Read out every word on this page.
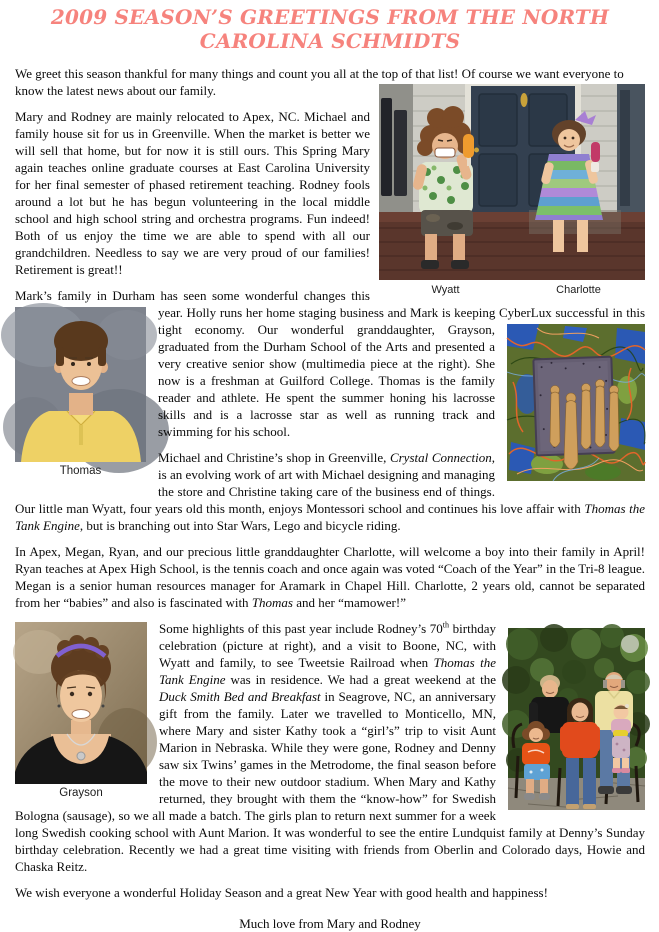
2009 SEASON’S GREETINGS FROM THE NORTH CAROLINA SCHMIDTS

We greet this season thankful for many things and count you all at the top of that list! Of course we want everyone to know the latest news about our family.
Wyatt	Charlotte

Mary and Rodney are mainly relocated to Apex, NC. Michael and family house sit for us in Greenville. When the market is better we will sell that home, but for now it is still ours. This Spring Mary again teaches online graduate courses at East Carolina University for her final semester of phased retirement teaching. Rodney fools around a lot but he has begun volunteering in the local middle school and high school string and orchestra programs. Fun indeed! Both of us enjoy the time we are able to spend with all our grandchildren. Needless to say we are very proud of our families! Retirement is great!!

Mark’s family in Durham has seen some wonderful changes this
Thomas
year. Holly runs her home staging business and Mark is keeping CyberLux successful in this tight economy. Our
wonderful granddaughter, Grayson, graduated from the Durham School of the Arts and presented a very creative senior show (multimedia piece at the right). She now is a freshman at Guilford College. Thomas is the family reader and athlete. He spent the summer honing his lacrosse skills and is a lacrosse star as well as running track and swimming for his school.

Michael and Christine’s shop in Greenville, Crystal Connection, is an evolving work of art with Michael designing and managing the store and Christine taking care of the business end of things. Our little man Wyatt, four years old this month, enjoys Montessori school and continues his love affair with Thomas the Tank Engine, but is branching out into Star Wars, Lego and bicycle riding.

In Apex, Megan, Ryan, and our precious little granddaughter Charlotte, will welcome a boy into their family in April! Ryan teaches at Apex High School, is the tennis coach and once again was voted “Coach of the Year” in the Tri-8 league. Megan is a senior human resources manager for Aramark in Chapel Hill. Charlotte, 2 years old, cannot be separated from her “babies” and also is fascinated with Thomas and her “mamower!”

Grayson
Some highlights of this past year include Rodney’s 70th birthday celebration (picture at right), and a visit to Boone, NC, with Wyatt and family, to see Tweetsie Railroad when Thomas the Tank Engine was in residence. We had a great weekend at the Duck Smith Bed and Breakfast in Seagrove, NC, an anniversary gift from the family. Later we travelled to Monticello, MN, where Mary and sister Kathy took a “girl’s” trip to visit Aunt Marion in Nebraska. While they were gone, Rodney and Denny saw six Twins’ games in the Metrodome, the final season before the move to their new outdoor stadium. When Mary and Kathy returned, they brought with them the “know-how” for Swedish Bologna (sausage), so we all made a batch. The girls plan to return next summer for a week long Swedish cooking school with Aunt Marion. It was wonderful to see the entire Lundquist family at Denny’s Sunday birthday celebration. Recently we had a great time visiting with friends from Oberlin and Colorado days, Howie and Chaska Reitz.

We wish everyone a wonderful Holiday Season and a great New Year with good health and happiness!

Much love from Mary and Rodney
